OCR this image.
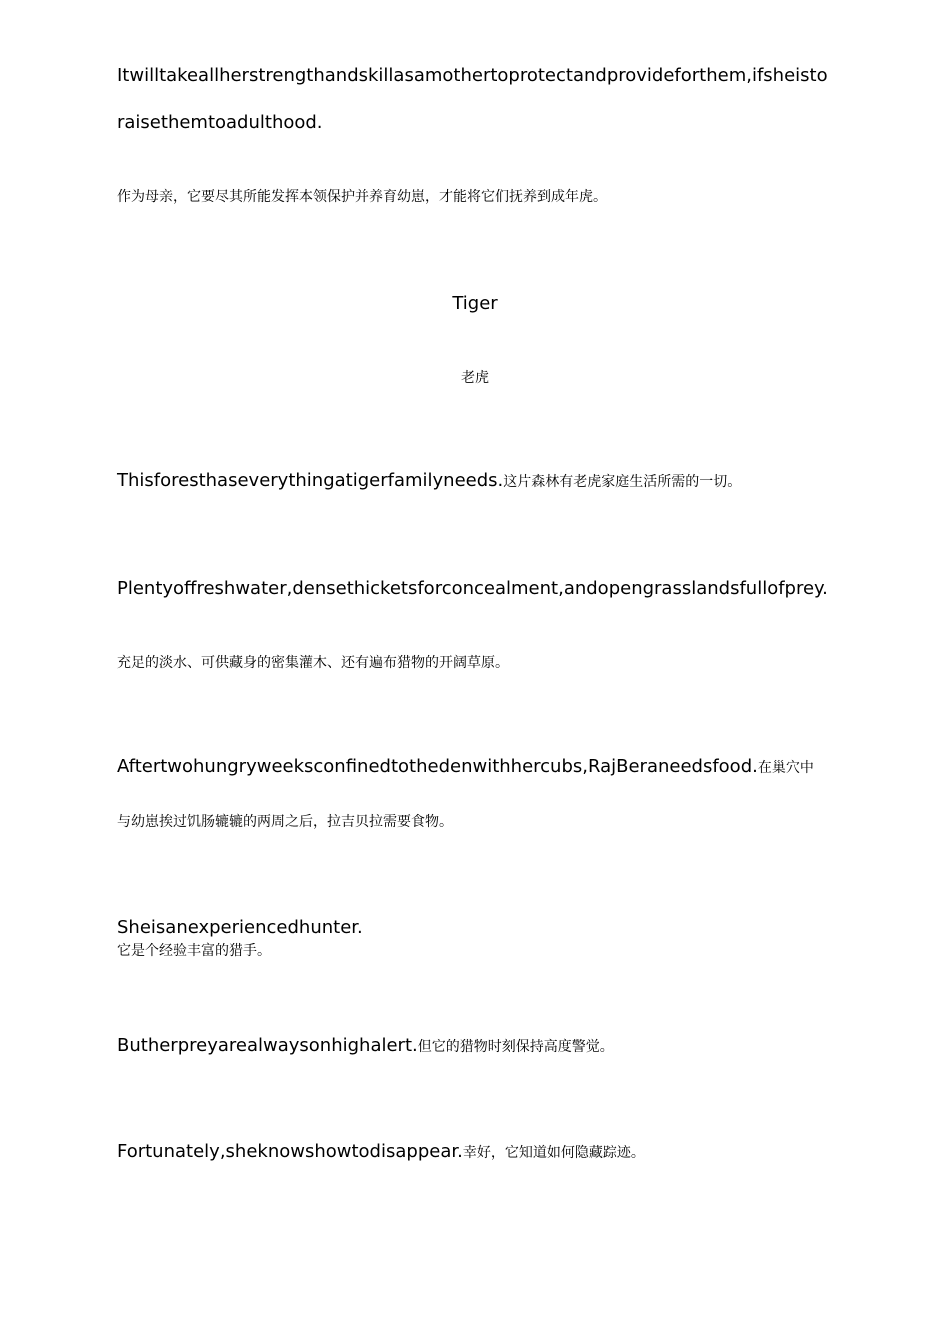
Itwilltakeallherstrengthandskillasamothertoprotectandprovideforthem,ifsheisto
raisethemtoadulthood.
作为母亲，它要尽其所能发挥本领保护并养育幼崽，才能将它们抚养到成年虎。
Tiger
老虎
Thisforesthaseverythingatigerfamilyneeds.这片森林有老虎家庭生活所需的一切。
Plentyoffreshwater,densethicketsforconcealment,andopengrasslandsfullofprey.
充足的淡水、可供藏身的密集灌木、还有遍布猎物的开阔草原。
Aftertwohungryweeksconfinedtothedenwithhercubs,RajBeraneedsfood.在巢穴中
与幼崽挨过饥肠辘辘的两周之后，拉吉贝拉需要食物。
Sheisanexperiencedhunter.
它是个经验丰富的猎手。
Butherpreyarealwaysonhighalert.但它的猎物时刻保持高度警觉。
Fortunately,sheknowshowtodisappear.幸好，它知道如何隐藏踪迹。
